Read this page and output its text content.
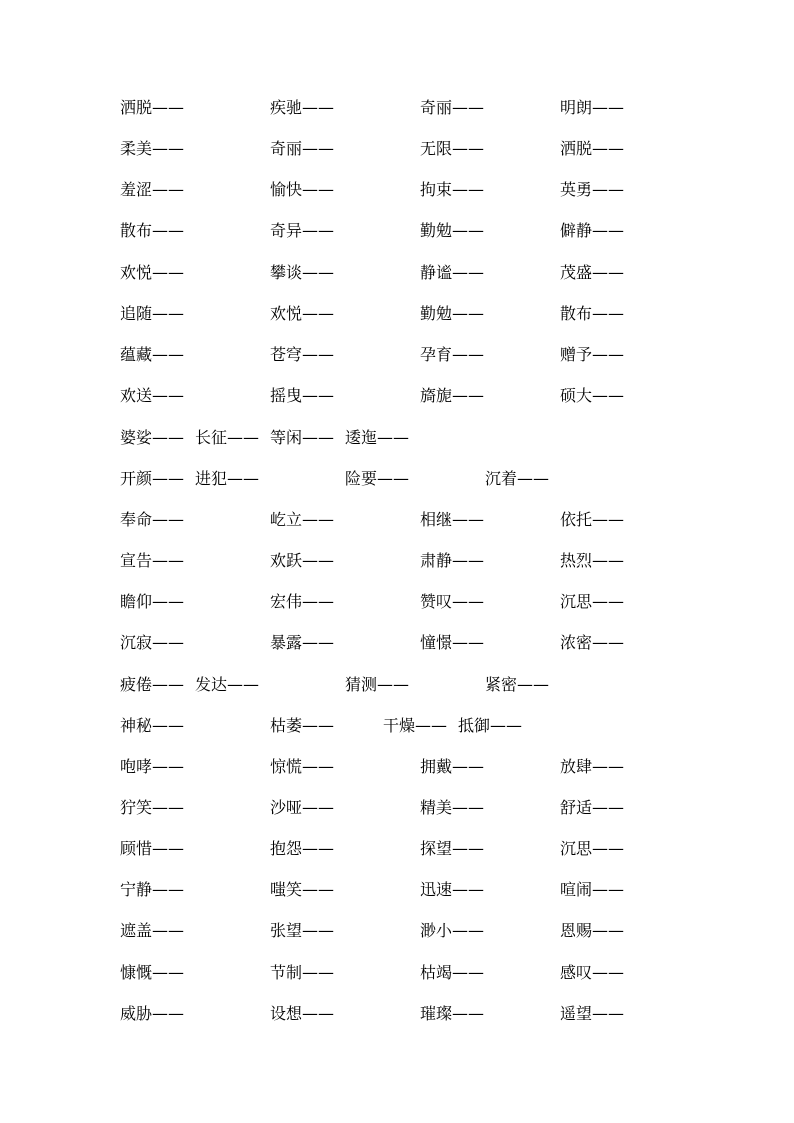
洒脱——	疾驰——	奇丽——	明朗——
柔美——	奇丽——	无限——	洒脱——
羞涩——	愉快——	拘束——	英勇——
散布——	奇异——	勤勉——	僻静——
欢悦——	攀谈——	静谧——	茂盛——
追随——	欢悦——	勤勉——	散布——
蕴藏——	苍穹——	孕育——	赠予——
欢送——	摇曳——	旖旎——	硕大——
婆娑—— 长征—— 等闲—— 逶迤——
开颜—— 进犯——	险要——	沉着——
奉命——	屹立——	相继——	依托——
宣告——	欢跃——	肃静——	热烈——
瞻仰——	宏伟——	赞叹——	沉思——
沉寂——	暴露——	憧憬——	浓密——
疲倦—— 发达——	猜测——	紧密——
神秘——	枯萎——	干燥—— 抵御——
咆哮——	惊慌——	拥戴——	放肆——
狞笑——	沙哑——	精美——	舒适——
顾惜——	抱怨——	探望——	沉思——
宁静——	嗤笑——	迅速——	喧闹——
遮盖——	张望——	渺小——	恩赐——
慷慨——	节制——	枯竭——	感叹——
威胁——	设想——	璀璨——	遥望——
